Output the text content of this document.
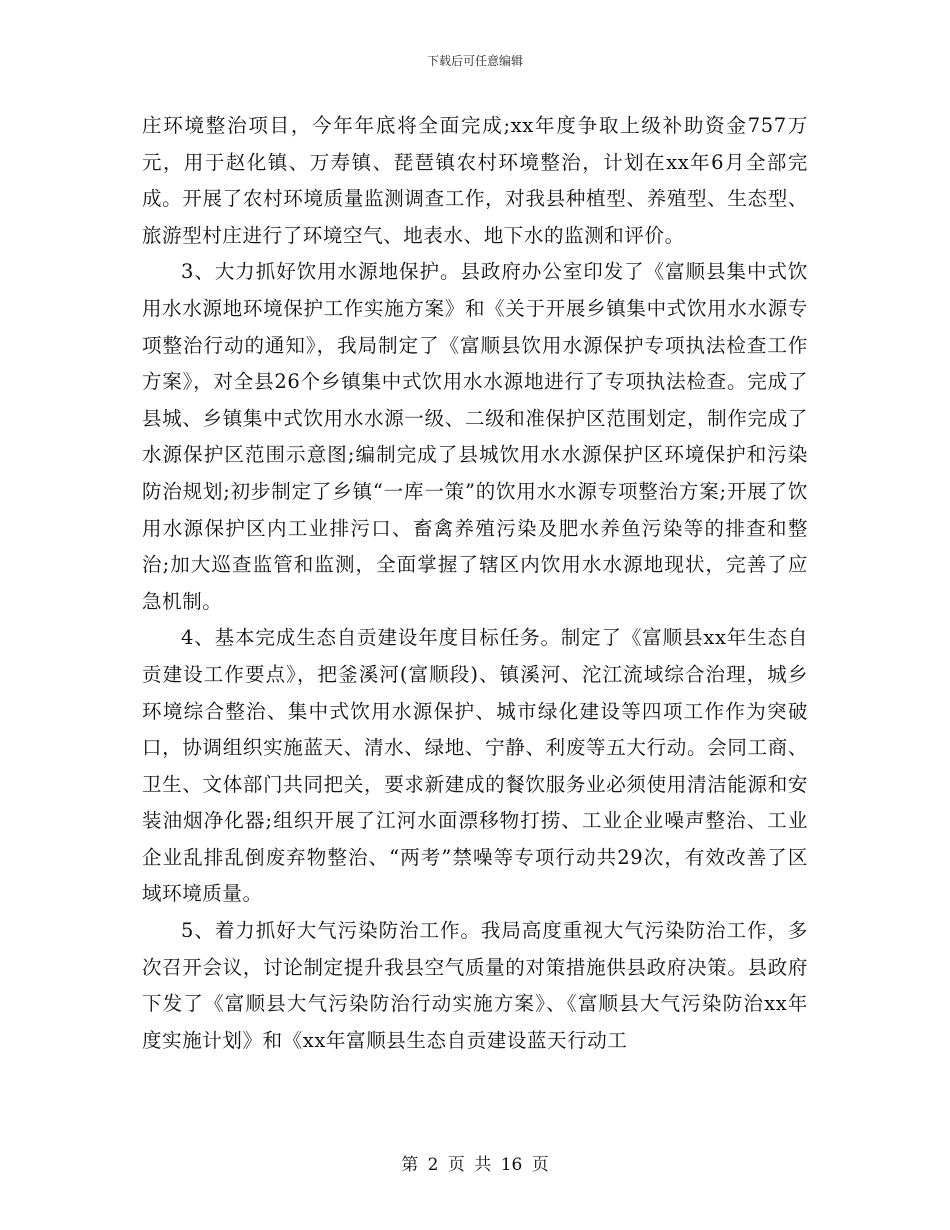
下载后可任意编辑

庄环境整治项目，今年年底将全面完成;xx年度争取上级补助资金757万元，用于赵化镇、万寿镇、琵琶镇农村环境整治，计划在xx年6月全部完成。开展了农村环境质量监测调查工作，对我县种植型、养殖型、生态型、旅游型村庄进行了环境空气、地表水、地下水的监测和评价。

3、大力抓好饮用水源地保护。县政府办公室印发了《富顺县集中式饮用水水源地环境保护工作实施方案》和《关于开展乡镇集中式饮用水水源专项整治行动的通知》，我局制定了《富顺县饮用水源保护专项执法检查工作方案》，对全县26个乡镇集中式饮用水水源地进行了专项执法检查。完成了县城、乡镇集中式饮用水水源一级、二级和准保护区范围划定，制作完成了水源保护区范围示意图;编制完成了县城饮用水水源保护区环境保护和污染防治规划;初步制定了乡镇“一库一策”的饮用水水源专项整治方案;开展了饮用水源保护区内工业排污口、畜禽养殖污染及肥水养鱼污染等的排查和整治;加大巡查监管和监测，全面掌握了辖区内饮用水水源地现状，完善了应急机制。

4、基本完成生态自贡建设年度目标任务。制定了《富顺县xx年生态自贡建设工作要点》，把釜溪河(富顺段)、镇溪河、沱江流域综合治理，城乡环境综合整治、集中式饮用水源保护、城市绿化建设等四项工作作为突破口，协调组织实施蓝天、清水、绿地、宁静、利废等五大行动。会同工商、卫生、文体部门共同把关，要求新建成的餐饮服务业必须使用清洁能源和安装油烟净化器;组织开展了江河水面漂移物打捞、工业企业噪声整治、工业企业乱排乱倒废弃物整治、“两考”禁噪等专项行动共29次，有效改善了区域环境质量。

5、着力抓好大气污染防治工作。我局高度重视大气污染防治工作，多次召开会议，讨论制定提升我县空气质量的对策措施供县政府决策。县政府下发了《富顺县大气污染防治行动实施方案》、《富顺县大气污染防治xx年度实施计划》和《xx年富顺县生态自贡建设蓝天行动工

第 2 页 共 16 页
